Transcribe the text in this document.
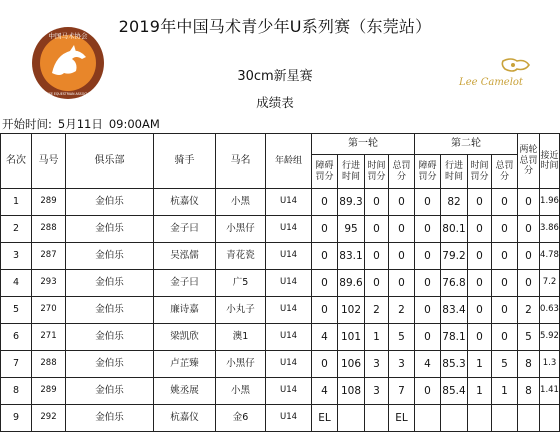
中国马术协会
CHINESE EQUESTRIAN ASSOCIATION
2019年中国马术青少年U系列赛（东莞站）
30cm新星赛
成绩表
Lee Camelot
开始时间: 5月11日 09:00AM
名次	马号	俱乐部	骑手	马名	年龄组	第一轮				第二轮				两轮总罚分	接近时间
						障碍罚分	行进时间	时间罚分	总罚分	障碍罚分	行进时间	时间罚分	总罚分		
1	289	金伯乐	杭嘉仪	小黑	U14	0	89.3	0	0	0	82	0	0	0	1.96
2	288	金伯乐	金子曰	小黑仔	U14	0	95	0	0	0	80.1	0	0	0	3.86
3	287	金伯乐	吴泓儒	青花瓷	U14	0	83.1	0	0	0	79.2	0	0	0	4.78
4	293	金伯乐	金子曰	广5	U14	0	89.6	0	0	0	76.8	0	0	0	7.2
5	270	金伯乐	廉诗嘉	小丸子	U14	0	102	2	2	0	83.4	0	0	2	0.63
6	271	金伯乐	梁凯欣	澳1	U14	4	101	1	5	0	78.1	0	0	5	5.92
7	288	金伯乐	卢芷臻	小黑仔	U14	0	106	3	3	4	85.3	1	5	8	1.3
8	289	金伯乐	姚丞展	小黑	U14	4	108	3	7	0	85.4	1	1	8	1.41
9	292	金伯乐	杭嘉仪	金6	U14	EL			EL						
